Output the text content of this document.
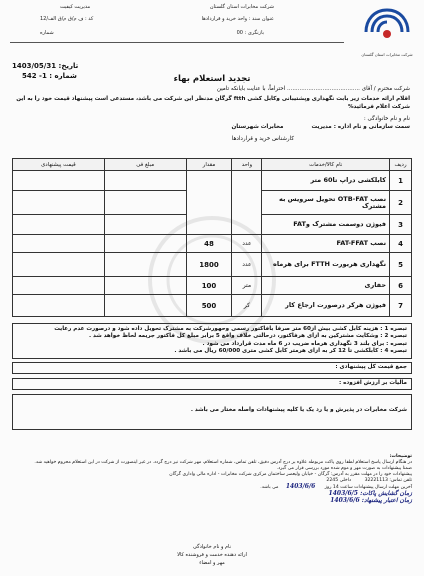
شرکت مخابرات استان گلستان
شرکت مخابرات استان گلستان
مدیریت کیفیت
عنوان سند : واحد خرید و قراردادها
کد : ف م/ق م/ق الف/12
بازنگری : 00
شماره
تاریخ: 1403/05/31
شماره : 1- 542	تجدید استعلام بهاء
شرکت محترم / آقای ......................................... احتراماً، با عنایت بایانکه تامین
اقلام ارائه خدمات زیر بابت نگهداری وپشتیبانی وکابل کشی ftth گرگان مدنظر این شرکت می باشد، مستدعی است پیشنهاد قیمت خود را به این شرکت اعلام فرمائید%
نام و نام خانوادگی :
سمت سازمانی و نام اداره : مدیریت مخابرات شهرستان
کارشناس خرید و قراردادها
ردیف	نام کالا/خدمات	واحد	مقدار	مبلغ فی	قیمت پیشنهادی
1	کابلکشی دراپ تا60 متر				
2	نصب OTB-FAT تحویل سرویس به مشترک				
3	فیوژن دوسمت مشترک وFAT				
4	نصب FAT-FFAT	عدد	48		
5	نگهداری هربورت FTTH برای هرماه	عدد	1800		
6	حفاری	متر	100		
7	فیوژن هرکر درصورت ارجاع کار	کر	500		
تبصره 1 : هزینه کابل کشی بیش از60 متر صرفا بافاکتور رسمی وحهورشرکت به مشترک تحویل داده شود و درصورت عدم رعایت
تبصره 2 : وشکایت مشترکین به ازای هرفاکتور، درحالتی خلاف واقع 5 برابر مبلغ کل فاکتور جریمه لحاظ خواهد شد .
تبصره : برای بلند 3 نگهداری هرماه ضریب در 6 ماه مدت قرارداد می شود .
تبصره 4 : کابلکشی تا 12 کر به ازای هرمتر کابل کشی متری 60/000 ریال می باشد .
جمع قیمت کل پیشنهادی :
مالیات بر ارزش افزوده :
شرکت مخابرات در پذیرش و یا رد یک یا کلیه پیشنهادات واصله مختار می باشد .
توضیحات:
در هنگام ارسال پاسخ استعلام لطفا روی پاکت مربوطه علاوه بر درج آدرس دقیق، تلفن تماس، شماره استعلام، مهر شرکت نیز درج گردد. در غیر اینصورت از شرکت در این استعلام محروم خواهید شد.
ضمنا پیشنهادات به صورت مهر و موم شده مورد بررسی قرار می گیرد.
پیشنهادات خود را در مهلت مقرر به آدرس: گرگان - خیابان ولیعصر ساختمان مرکزی شرکت مخابرات - اداره مالی واداری گرگان
تلفن تماس: 32221113 داخلی 2245
آخرین مهلت ارسال پیشنهادات ساعت 14 روز 1403/6/6 می باشد.
زمان گشایش پاکات: 1403/6/5
زمان اعتبار پیشنهاد: 1403/6/6
نام و نام خانوادگی
ارائه دهنده خدمت و فروشنده کالا
مهر و امضاء
